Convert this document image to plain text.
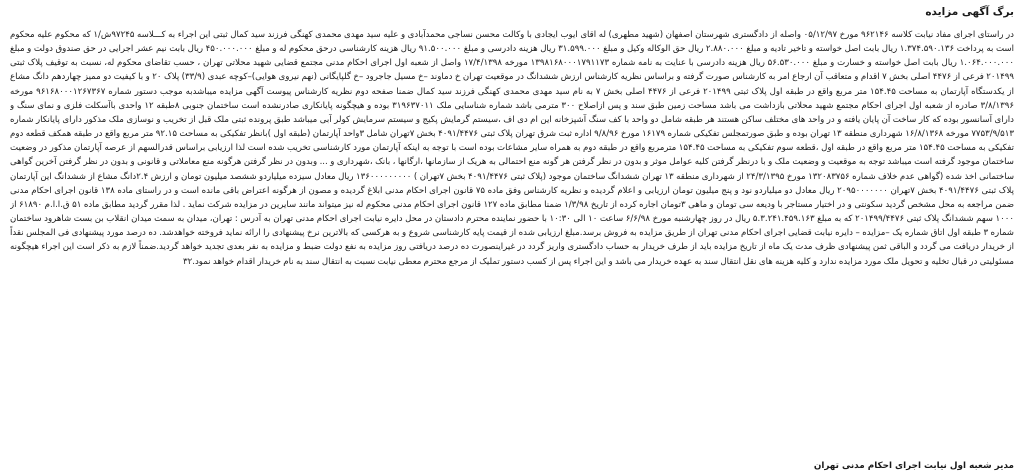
برگ آگهی مزایده

در راستای اجرای مفاد نیابت کلاسه ۹۶۲۱۴۶ مورخ ۰۵/۱۲/۹۷ واصله از دادگستری شهرستان اصفهان (شهید مطهری) له اقای ایوب ایجادی با وکالت محسن نساجی محمدآبادی و علیه سید مهدی محمدی کهنگی فرزند سید کمال ثبتی این اجراء به کـــلاسه ۹۷۲۴۵ش/۱ که محکوم علیه محکوم است به پرداخت ۱.۳۷۴.۵۹۰.۱۳۶ ریال بابت اصل خواسته و تاخیر تادیه و مبلغ ۲.۸۸۰.۰۰۰ ریال حق الوکاله وکیل و مبلغ ۳۱.۵۹۹.۰۰۰ ریال هزینه دادرسی و مبلغ ۹۱.۵۰۰.۰۰۰ ریال هزینه کارشناسی درحق محکوم له و مبلغ ۴۵۰.۰۰۰.۰۰۰ ریال بابت نیم عشر اجرایی در حق صندوق دولت و مبلغ ۱.۰۶۴.۰۰۰.۰۰۰ ریال بابت اصل خواسته و خسارت و مبلغ ۵۶.۵۳۰.۰۰۰ ریال هزینه دادرسی با عنایت به نامه شماره ۱۳۹۸۱۶۸۰۰۰۱۷۹۱۱۷۳ مورخه ۱۷/۴/۱۳۹۸ واصل از شعبه اول اجرای احکام مدنی مجتمع قضایی شهید محلاتی تهران ، حسب تقاضای محکوم له، نسبت به توقیف پلاک ثبتی ۲۰۱۴۹۹ فرعی از ۴۴۷۶ اصلی بخش ۷ اقدام و متعاقب آن ارجاع امر به کارشناس صورت گرفته و براساس نظریه کارشناس ارزش ششدانگ در موقعیت تهران خ دماوند –خ مسیل جاجرود –خ گلپایگانی (نهم نیروی هوایی)–کوچه عبدی (۳۳/۹) پلاک ۲۰ و با کیفیت دو ممیز چهاردهم دانگ مشاع از یکدستگاه آپارتمان به مساحت ۱۵۴.۴۵ متر مربع واقع در طبقه اول پلاک ثبتی ۲۰۱۴۹۹ فرعی از ۴۴۷۶ اصلی بخش ۷ به نام سید مهدی محمدی کهنگی فرزند سید کمال ضمنا صفحه دوم نظریه کارشناس پیوست آگهی مزایده میباشدبه موجب دستور شماره ۹۶۱۶۸۰۰۰۱۲۶۷۳۶۷ مورخه ۳/۸/۱۳۹۶ صادره از شعبه اول اجرای احکام مجتمع شهید محلاتی بازداشت می باشد مساحت زمین طبق سند و پس ازاصلاح ۳۰۰ مترمی باشد شماره شناسایی ملک ۳۱۹۶۳۷۰۱۱ بوده و هیچگونه پایانکاری صادرنشده است ساختمان جنوبی ۸طبقه ۱۲ واحدی باآسکلت فلزی و نمای سنگ و دارای آسانسور بوده که کار ساخت آن پایان یافته و در واحد های مختلف ساکن هستند هر طبقه شامل دو واحد با کف سنگ آشپزخانه این ام دی اف ،سیستم گرمایش پکیج و سیستم سرمایش کولر آبی میباشد طبق پرونده ثبتی ملک قبل از تخریب و نوسازی ملک مذکور دارای پایانکار شماره ۷۷۵۳/۹/۵۱۳ مورخه ۱۶/۸/۱۳۶۸ شهرداری منطقه ۱۳ تهران بوده و طبق صورتمجلس تفکیکی شماره ۱۶۱۷۹ مورخ ۹/۸/۹۶ اداره ثبت شرق تهران پلاک ثبتی ۴۰۹۱/۴۴۷۶ بخش ۷تهران شامل ۳واحد آپارتمان (طبقه اول )بانظر تفکیکی به مساحت ۹۲.۱۵ متر مربع واقع در طبقه همکف قطعه دوم تفکیکی به مساحت ۱۵۴.۴۵ متر مربع واقع در طبقه اول ،قطعه سوم تفکیکی به مساحت ۱۵۴.۴۵ مترمربع واقع در طبقه دوم به همراه سایر مشاعات بوده است با توجه به اینکه آپارتمان مورد کارشناسی تخریب شده است لذا ارزیابی براساس قدرالسهم از عرصه آپارتمان مذکور در وضعیت ساختمان موجود گرفته است میباشد توجه به موقعیت و وضعیت ملک و با درنظر گرفتن کلیه عوامل موثر و بدون در نظر گرفتن هر گونه منع احتمالی به هریک از سازمانها ،ارگانها ، بانک ،شهرداری و ... وبدون در نظر گرفتن هرگونه منع معاملاتی و قانونی و بدون در نظر گرفتن آخرین گواهی ساختمانی اخذ شده (گواهی عدم خلاف شماره ۱۳۲۰۸۳۷۵۶ مورخ ۲۴/۳/۱۳۹۵ از شهرداری منطقه ۱۳ تهران ششدانگ ساختمان موجود (پلاک ثبتی ۴۰۹۱/۴۴۷۶ بخش ۷تهران ) ۱۳۶۰۰۰۰۰۰۰۰۰ ریال معادل سیزده میلیاردو ششصد میلیون تومان و ارزش ۲.۴دانگ مشاع از ششدانگ این آپارتمان پلاک ثبتی ۴۰۹۱/۴۴۷۶ بخش ۷تهران ۲۰۹۵۰۰۰۰۰۰۰ ریال معادل دو میلیاردو نود و پنج میلیون تومان ارزیابی و اعلام گردیده و نظریه کارشناس وفق ماده ۷۵ قانون اجرای احکام مدنی ابلاغ گردیده و مصون از هرگونه اعتراض باقی مانده است و در راستای ماده ۱۳۸ قانون اجرای احکام مدنی ضمن مراجعه به محل مشخص گردید سکونتی و در اختیار مستاجر با ودیعه سی تومان و ماهی ۳تومان اجاره کرده از تاریخ ۱/۳/۹۸ ضمنا مطابق ماده ۱۲۷ قانون اجرای احکام مدنی محکوم له نیز میتواند مانند سایرین در مزایده شرکت نماید . لذا مقرر گردید مطابق ماده ۵۱ ق.ا.ا.م ۶۱۸۹۰ از ۱۰۰۰ سهم ششدانگ پلاک ثبتی ۲۰۱۴۹۹/۴۴۷۶ که به مبلغ ۵.۳.۲۴۱.۴۵۹.۱۶۳ ریال در روز چهارشنبه مورخ ۶/۶/۹۸ ساعت ۱۰ الی ۱۰:۳۰ با حضور نماینده محترم دادستان در محل دایره نیابت اجرای احکام مدنی تهران به آدرس : تهران، میدان به سمت میدان انقلاب بن بست شاهرود ساختمان شماره ۳ طبقه اول اتاق شماره یک –مزایده – دایره نیابت قضایی اجرای احکام مدنی تهران از طریق مزایده به فروش برسد.مبلغ ارزیابی شده از قیمت پایه کارشناسی شروع و به هرکسی که بالاترین نرخ پیشنهادی را ارائه نماید فروخته خواهدشد. ده درصد مورد پیشنهادی فی المجلس نقداً از خریدار دریافت می گردد و الباقی ثمن پیشنهادی ظرف مدت یک ماه از تاریخ مزایده باید از طرف خریدار به حساب دادگستری واریز گردد در غیراینصورت ده درصد دریافتی روز مزایده به نفع دولت ضبط و مزایده به نفر بعدی تجدید خواهد گردید.ضمناً لازم به ذکر است این اجراء هیچگونه مسئولیتی در قبال تخلیه و تحویل ملک مورد مزایده ندارد و کلیه هزینه های نقل انتقال سند به عهده خریدار می باشد و این اجراء پس از کسب دستور تملیک از مرجع محترم معطی نیابت نسبت به انتقال سند به نام خریدار اقدام خواهد نمود.۳۲

مدیر شعبه اول نیابت اجرای احکام مدنی تهران
